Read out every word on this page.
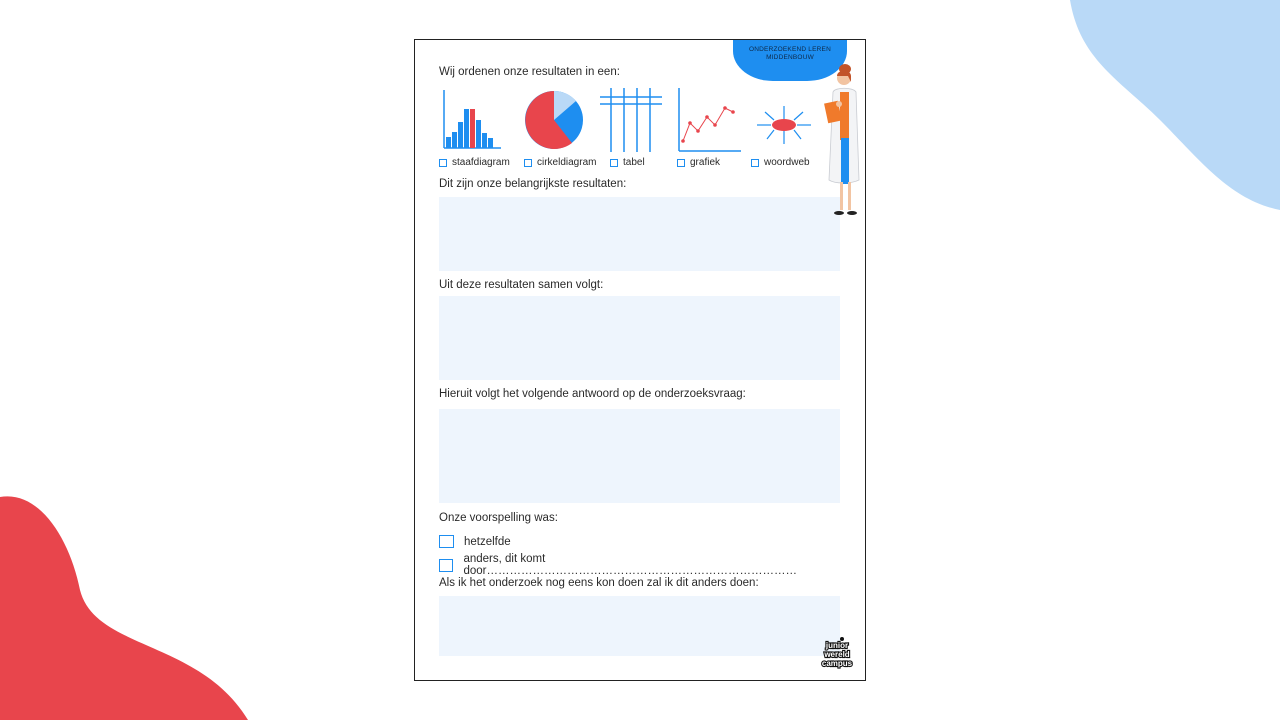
ONDERZOEKEND LEREN
MIDDENBOUW
Wij ordenen onze resultaten in een:
staafdiagram	cirkeldiagram	tabel	grafiek	woordweb
Dit zijn onze belangrijkste resultaten:
Uit deze resultaten samen volgt:
Hieruit volgt het volgende antwoord op de onderzoeksvraag:
Onze voorspelling was:
hetzelfde
anders, dit komt door………………………………………………………………………
Als ik het onderzoek nog eens kon doen zal ik dit anders doen:
junior
wereld
campus
